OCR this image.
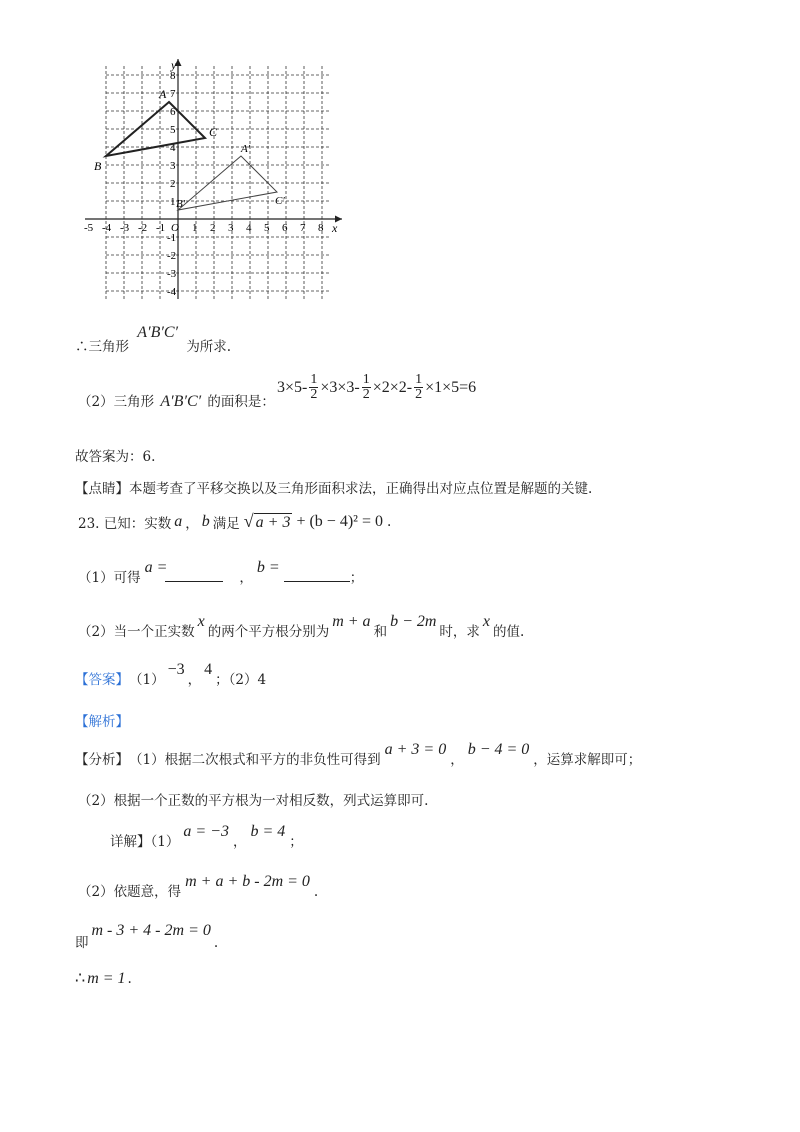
x
y
-5 -4 -3 -2 -1 O 1 2 3 4 5 6 7 8
-4
-3
-2
-1
1
2
3
4
5
6
7
8
A
B
C
A′
B′	C′
∴三角形 A′B′C′ 为所求.
（2）三角形 A′B′C′ 的面积是：
$3\times 5- \frac{1}{2} \times 3\times 3- \frac{1}{2} \times 2\times 2- \frac{1}{2} \times 1\times 5=6$
故答案为：6.
【点睛】本题考查了平移交换以及三角形面积求法，正确得出对应点位置是解题的关键.
23. 已知：实数 a ， b 满足 √ a + 3 + (b − 4)² = 0 .
（1）可得
a =
，
b =
；
（2）当一个正实数
x
的两个平方根分别为
m + a
和
b − 2m
时，求
x
的值.
【答案】 （1）
−3
，
4
；（2）4
【解析】
【分析】 （1）根据二次根式和平方的非负性可得到
a + 3 = 0
，
b − 4 = 0
，运算求解即可；
（2）根据一个正数的平方根为一对相反数，列式运算即可.
详解】（1）
a = −3
，
b = 4
；
（2）依题意，得
m + a + b - 2m = 0
.
即
m - 3 + 4 - 2m = 0
.
∴ m = 1 .
